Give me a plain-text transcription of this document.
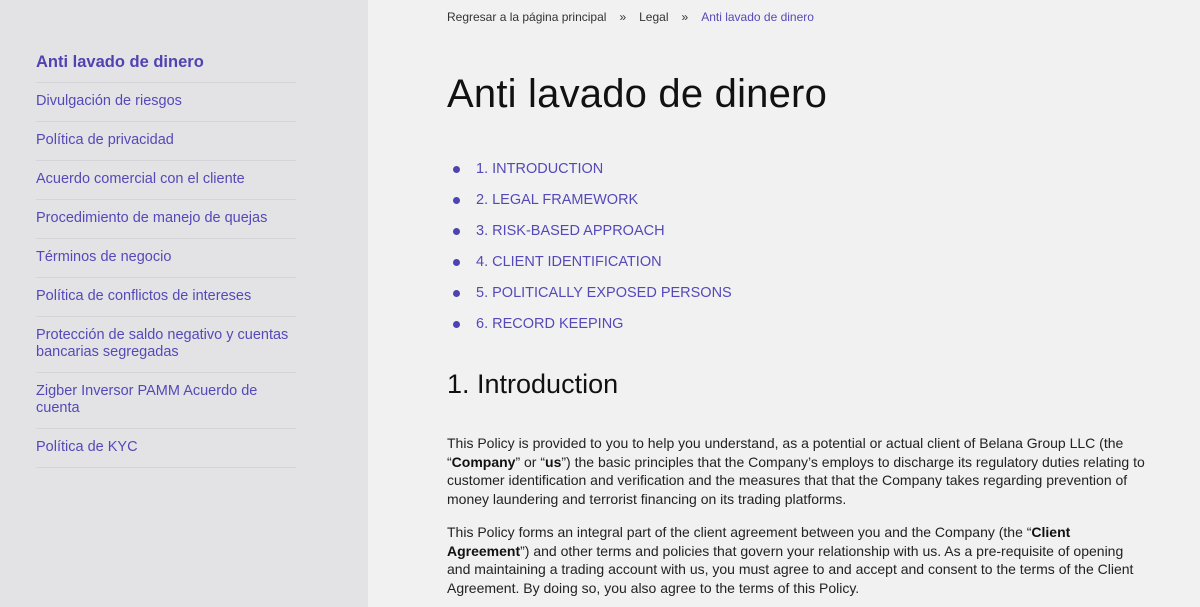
Anti lavado de dinero
Divulgación de riesgos
Política de privacidad
Acuerdo comercial con el cliente
Procedimiento de manejo de quejas
Términos de negocio
Política de conflictos de intereses
Protección de saldo negativo y cuentas bancarias segregadas
Zigber Inversor PAMM Acuerdo de cuenta
Política de KYC
Regresar a la página principal » Legal » Anti lavado de dinero
Anti lavado de dinero
1. INTRODUCTION
2. LEGAL FRAMEWORK
3. RISK-BASED APPROACH
4. CLIENT IDENTIFICATION
5. POLITICALLY EXPOSED PERSONS
6. RECORD KEEPING
1. Introduction

This Policy is provided to you to help you understand, as a potential or actual client of Belana Group LLC (the “Company” or “us”) the basic principles that the Company’s employs to discharge its regulatory duties relating to customer identification and verification and the measures that that the Company takes regarding prevention of money laundering and terrorist financing on its trading platforms.

This Policy forms an integral part of the client agreement between you and the Company (the “Client Agreement”) and other terms and policies that govern your relationship with us. As a pre-requisite of opening and maintaining a trading account with us, you must agree to and accept and consent to the terms of the Client Agreement. By doing so, you also agree to the terms of this Policy.
